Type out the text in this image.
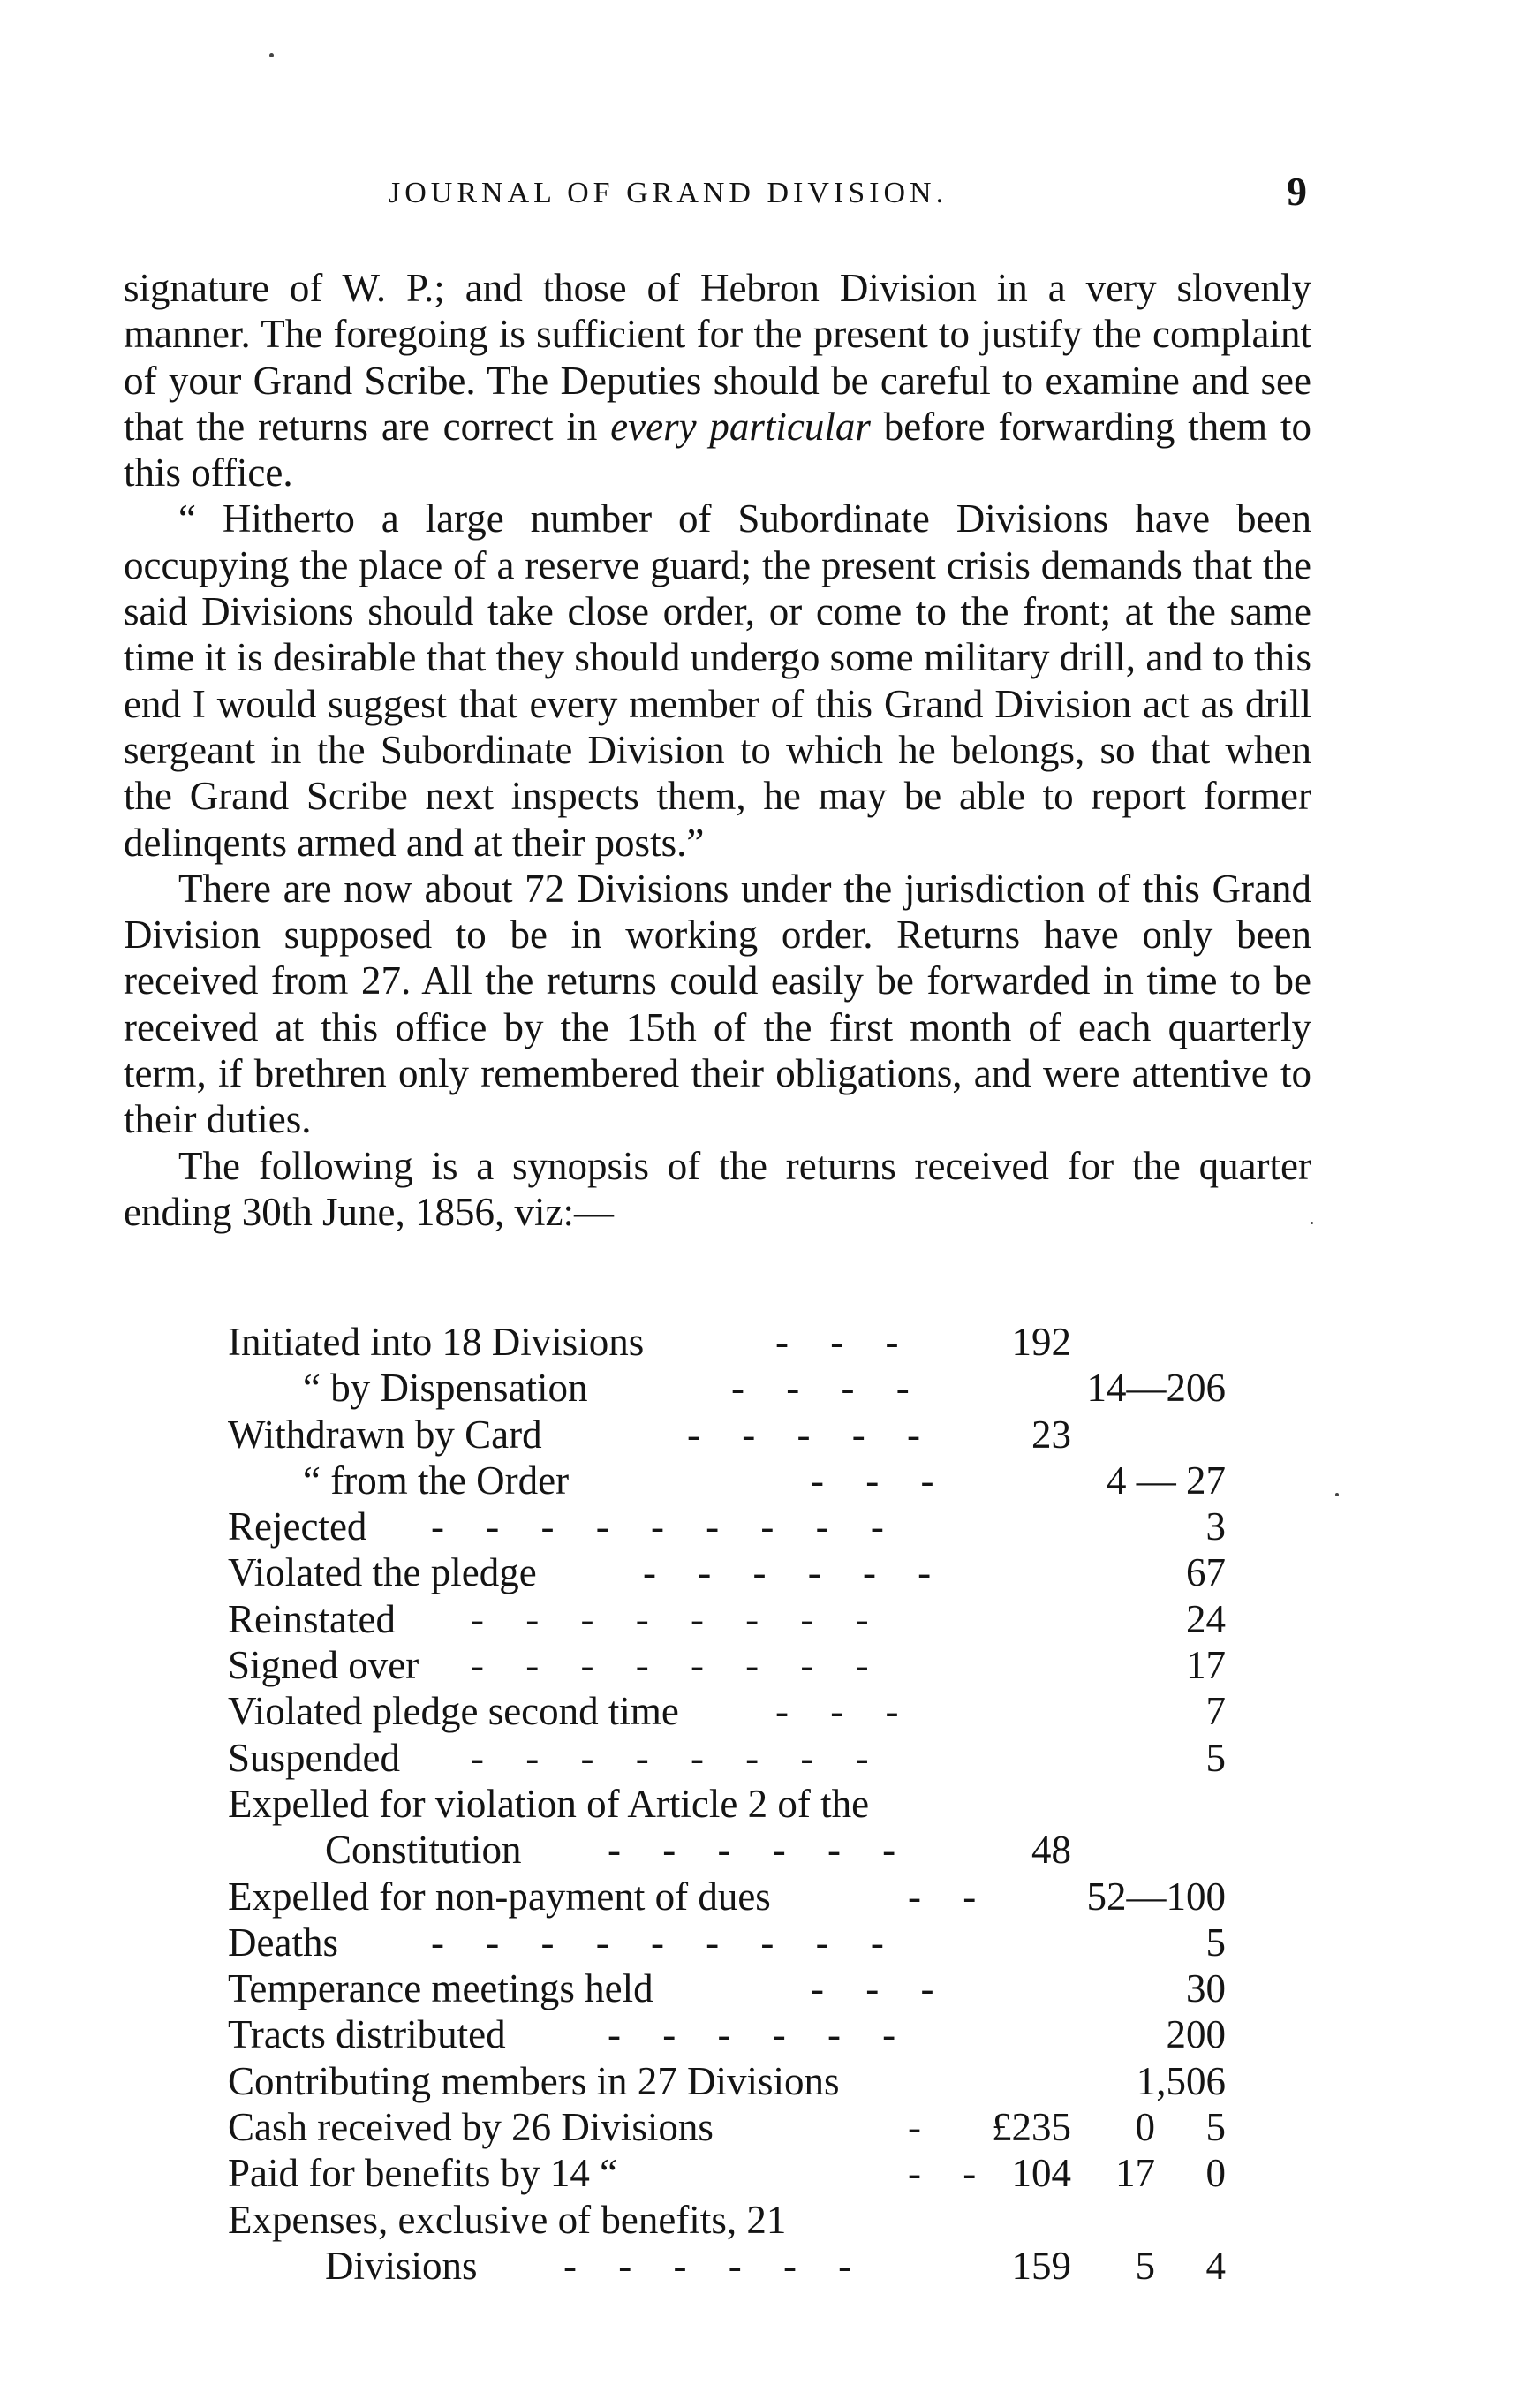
JOURNAL OF GRAND DIVISION.	9

signature of W. P.; and those of Hebron Division in a very slovenly manner. The foregoing is sufficient for the present to justify the complaint of your Grand Scribe. The Deputies should be careful to examine and see that the returns are correct in every particular before forwarding them to this office.

“ Hitherto a large number of Subordinate Divisions have been occupying the place of a reserve guard; the present crisis demands that the said Divisions should take close order, or come to the front; at the same time it is desirable that they should undergo some military drill, and to this end I would suggest that every member of this Grand Division act as drill sergeant in the Subordinate Division to which he belongs, so that when the Grand Scribe next inspects them, he may be able to report former delinqents armed and at their posts.”

There are now about 72 Divisions under the jurisdiction of this Grand Division supposed to be in working order. Returns have only been received from 27. All the returns could easily be forwarded in time to be received at this office by the 15th of the first month of each quarterly term, if brethren only remembered their obligations, and were attentive to their duties.

The following is a synopsis of the returns received for the quarter ending 30th June, 1856, viz:—

Initiated into 18 Divisions	- - - 192
“ by Dispensation	- - - -	14—206
Withdrawn by Card	- - - - - 23
“ from the Order	- - -	4 — 27
Rejected - - - - - - - - -	3
Violated the pledge	- - - - - -	67
Reinstated - - - - - - - -	24
Signed over - - - - - - - -	17
Violated pledge second time - - -	7
Suspended - - - - - - - -	5
Expelled for violation of Article 2 of the
Constitution - - - - - -	48
Expelled for non-payment of dues	- - 52—100
Deaths - - - - - - - - -	5
Temperance meetings held	- - -	30
Tracts distributed	- - - - - -	200
Contributing members in 27 Divisions	1,506
Cash received by 26 Divisions	- £235 0 5
Paid for benefits by 14 “	- - 104 17 0
Expenses, exclusive of benefits, 21
Divisions - - - - - -	159 5 4
